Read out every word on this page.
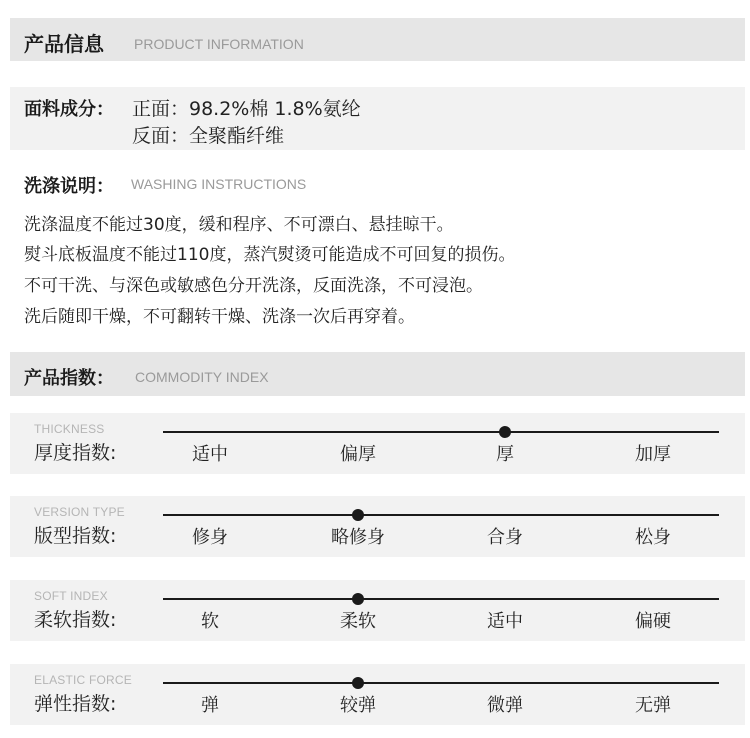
产品信息 PRODUCT INFORMATION
面料成分： 正面：98.2%棉 1.8%氨纶
反面：全聚酯纤维
洗涤说明： WASHING INSTRUCTIONS
洗涤温度不能过30度，缓和程序、不可漂白、悬挂晾干。
熨斗底板温度不能过110度，蒸汽熨烫可能造成不可回复的损伤。
不可干洗、与深色或敏感色分开洗涤，反面洗涤，不可浸泡。
洗后随即干燥，不可翻转干燥、洗涤一次后再穿着。
产品指数： COMMODITY INDEX
THICKNESS
厚度指数:	适中	偏厚	厚	加厚
VERSION TYPE
版型指数:	修身	略修身	合身	松身
SOFT INDEX
柔软指数:	软	柔软	适中	偏硬
ELASTIC FORCE
弹性指数:	弹	较弹	微弹	无弹
